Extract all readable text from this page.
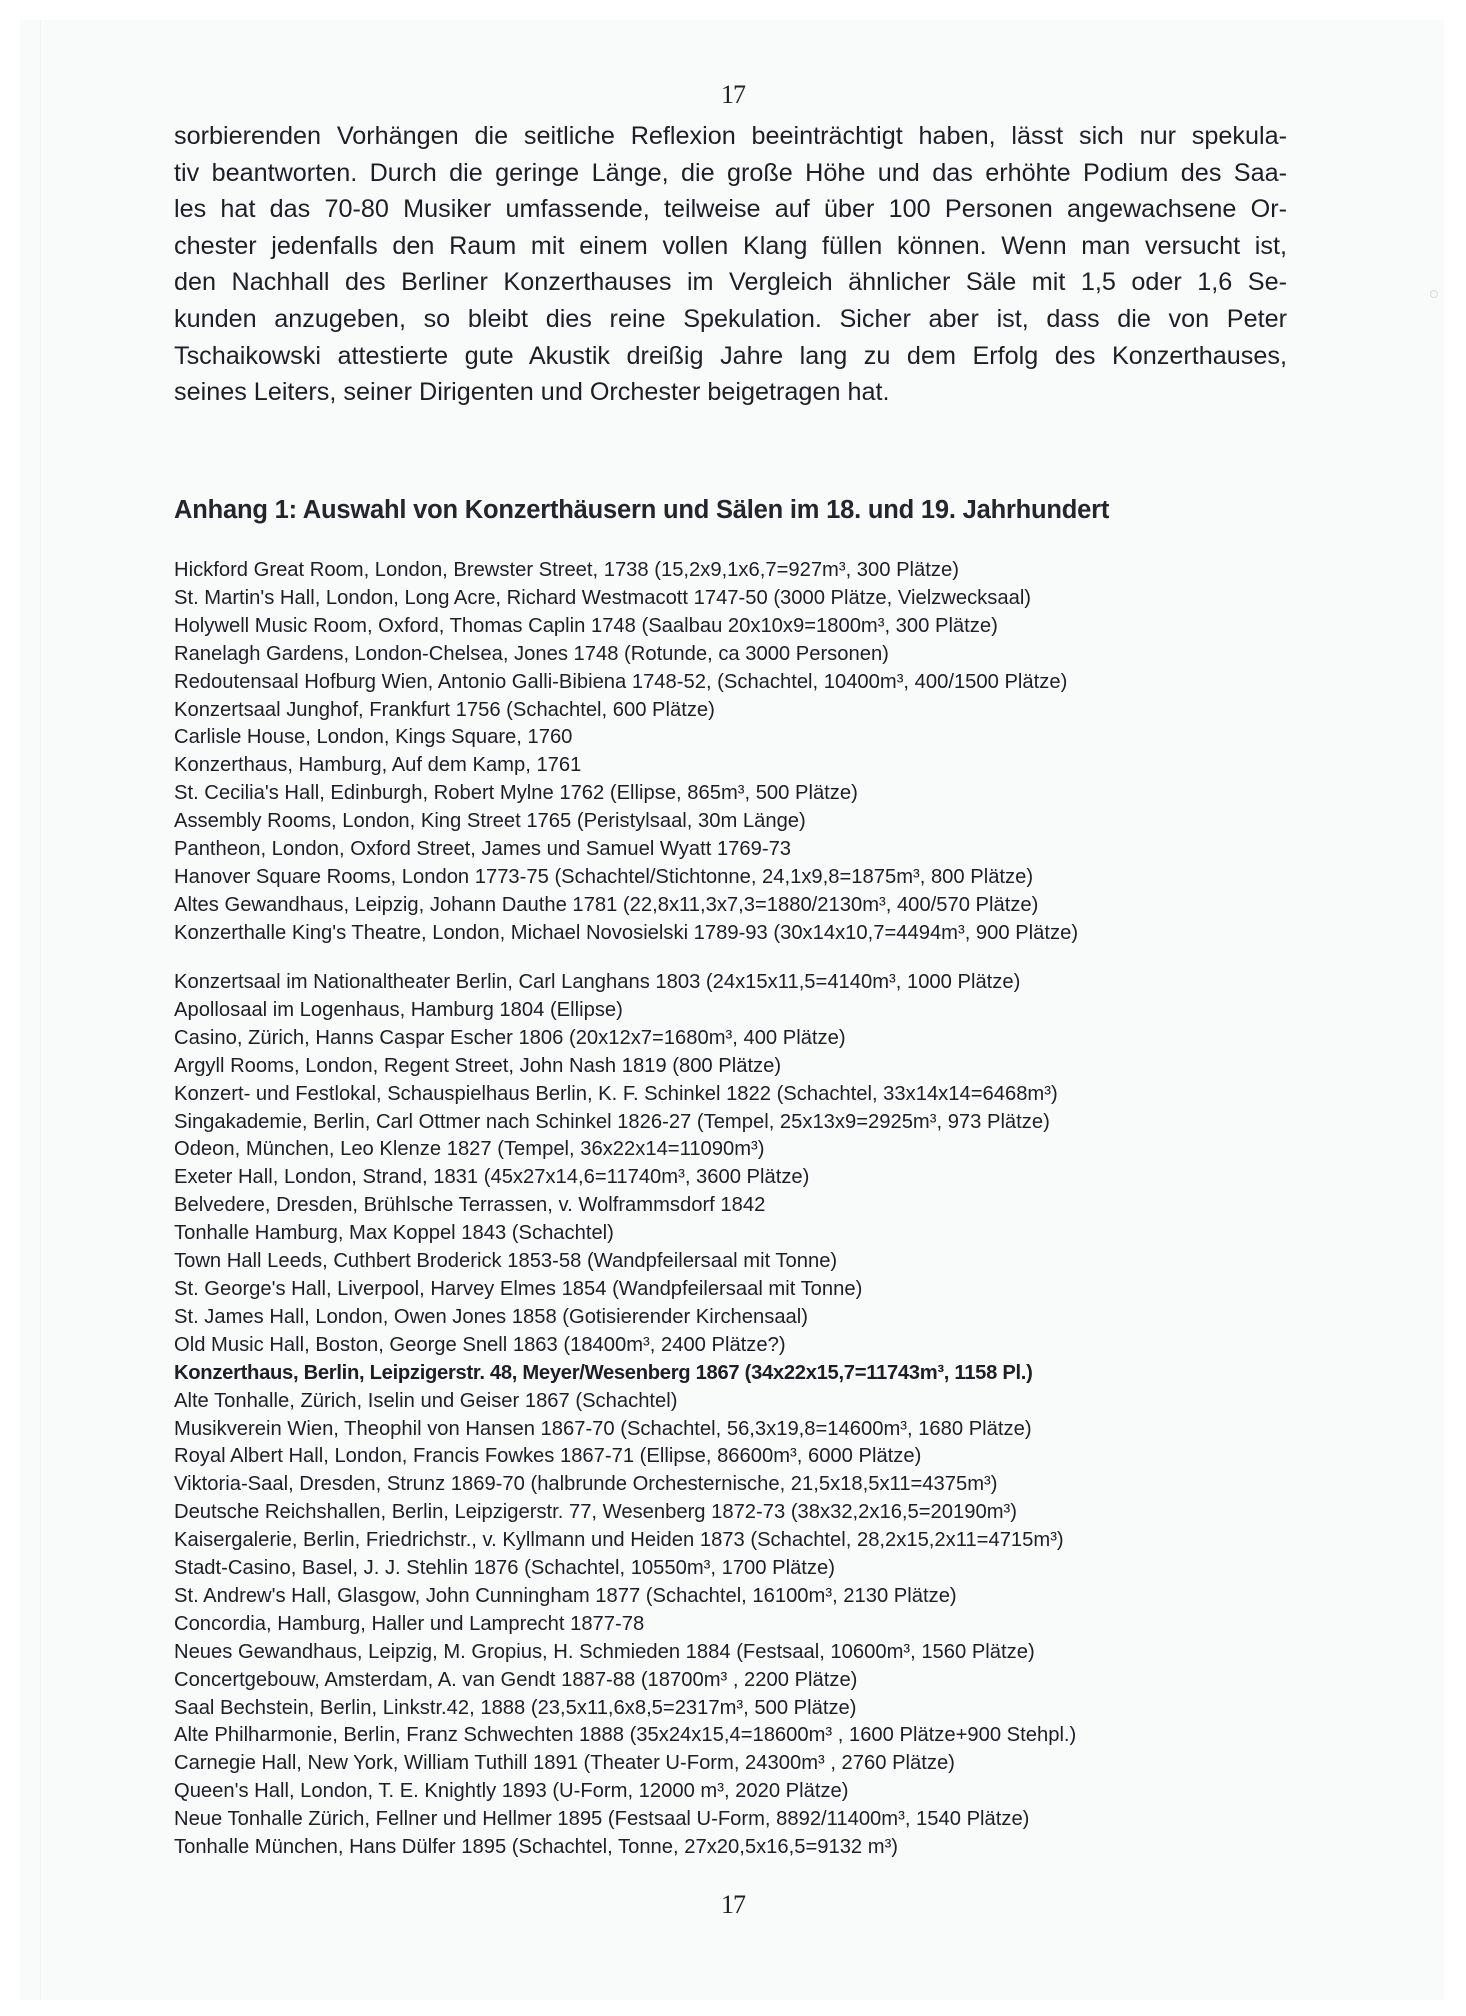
17
sorbierenden Vorhängen die seitliche Reflexion beeinträchtigt haben, lässt sich nur spekula-
tiv beantworten. Durch die geringe Länge, die große Höhe und das erhöhte Podium des Saa-
les hat das 70-80 Musiker umfassende, teilweise auf über 100 Personen angewachsene Or-
chester jedenfalls den Raum mit einem vollen Klang füllen können. Wenn man versucht ist,
den Nachhall des Berliner Konzerthauses im Vergleich ähnlicher Säle mit 1,5 oder 1,6 Se-
kunden anzugeben, so bleibt dies reine Spekulation. Sicher aber ist, dass die von Peter
Tschaikowski attestierte gute Akustik dreißig Jahre lang zu dem Erfolg des Konzerthauses,
seines Leiters, seiner Dirigenten und Orchester beigetragen hat.
Anhang 1: Auswahl von Konzerthäusern und Sälen im 18. und 19. Jahrhundert
Hickford Great Room, London, Brewster Street, 1738 (15,2x9,1x6,7=927m³, 300 Plätze)
St. Martin's Hall, London, Long Acre, Richard Westmacott 1747-50 (3000 Plätze, Vielzwecksaal)
Holywell Music Room, Oxford, Thomas Caplin 1748 (Saalbau 20x10x9=1800m³, 300 Plätze)
Ranelagh Gardens, London-Chelsea, Jones 1748 (Rotunde, ca 3000 Personen)
Redoutensaal Hofburg Wien, Antonio Galli-Bibiena 1748-52, (Schachtel, 10400m³, 400/1500 Plätze)
Konzertsaal Junghof, Frankfurt 1756 (Schachtel, 600 Plätze)
Carlisle House, London, Kings Square, 1760
Konzerthaus, Hamburg, Auf dem Kamp, 1761
St. Cecilia's Hall, Edinburgh, Robert Mylne 1762 (Ellipse, 865m³, 500 Plätze)
Assembly Rooms, London, King Street 1765 (Peristylsaal, 30m Länge)
Pantheon, London, Oxford Street, James und Samuel Wyatt 1769-73
Hanover Square Rooms, London 1773-75 (Schachtel/Stichtonne, 24,1x9,8=1875m³, 800 Plätze)
Altes Gewandhaus, Leipzig, Johann Dauthe 1781 (22,8x11,3x7,3=1880/2130m³, 400/570 Plätze)
Konzerthalle King's Theatre, London, Michael Novosielski 1789-93 (30x14x10,7=4494m³, 900 Plätze)
Konzertsaal im Nationaltheater Berlin, Carl Langhans 1803 (24x15x11,5=4140m³, 1000 Plätze)
Apollosaal im Logenhaus, Hamburg 1804 (Ellipse)
Casino, Zürich, Hanns Caspar Escher 1806 (20x12x7=1680m³, 400 Plätze)
Argyll Rooms, London, Regent Street, John Nash 1819 (800 Plätze)
Konzert- und Festlokal, Schauspielhaus Berlin, K. F. Schinkel 1822 (Schachtel, 33x14x14=6468m³)
Singakademie, Berlin, Carl Ottmer nach Schinkel 1826-27 (Tempel, 25x13x9=2925m³, 973 Plätze)
Odeon, München, Leo Klenze 1827 (Tempel, 36x22x14=11090m³)
Exeter Hall, London, Strand, 1831 (45x27x14,6=11740m³, 3600 Plätze)
Belvedere, Dresden, Brühlsche Terrassen, v. Wolframmsdorf 1842
Tonhalle Hamburg, Max Koppel 1843 (Schachtel)
Town Hall Leeds, Cuthbert Broderick 1853-58 (Wandpfeilersaal mit Tonne)
St. George's Hall, Liverpool, Harvey Elmes 1854 (Wandpfeilersaal mit Tonne)
St. James Hall, London, Owen Jones 1858 (Gotisierender Kirchensaal)
Old Music Hall, Boston, George Snell 1863 (18400m³, 2400 Plätze?)
Konzerthaus, Berlin, Leipzigerstr. 48, Meyer/Wesenberg 1867 (34x22x15,7=11743m³, 1158 Pl.)
Alte Tonhalle, Zürich, Iselin und Geiser 1867 (Schachtel)
Musikverein Wien, Theophil von Hansen 1867-70 (Schachtel, 56,3x19,8=14600m³, 1680 Plätze)
Royal Albert Hall, London, Francis Fowkes 1867-71 (Ellipse, 86600m³, 6000 Plätze)
Viktoria-Saal, Dresden, Strunz 1869-70 (halbrunde Orchesternische, 21,5x18,5x11=4375m³)
Deutsche Reichshallen, Berlin, Leipzigerstr. 77, Wesenberg 1872-73 (38x32,2x16,5=20190m³)
Kaisergalerie, Berlin, Friedrichstr., v. Kyllmann und Heiden 1873 (Schachtel, 28,2x15,2x11=4715m³)
Stadt-Casino, Basel, J. J. Stehlin 1876 (Schachtel, 10550m³, 1700 Plätze)
St. Andrew's Hall, Glasgow, John Cunningham 1877 (Schachtel, 16100m³, 2130 Plätze)
Concordia, Hamburg, Haller und Lamprecht 1877-78
Neues Gewandhaus, Leipzig, M. Gropius, H. Schmieden 1884 (Festsaal, 10600m³, 1560 Plätze)
Concertgebouw, Amsterdam, A. van Gendt 1887-88 (18700m³ , 2200 Plätze)
Saal Bechstein, Berlin, Linkstr.42, 1888 (23,5x11,6x8,5=2317m³, 500 Plätze)
Alte Philharmonie, Berlin, Franz Schwechten 1888 (35x24x15,4=18600m³ , 1600 Plätze+900 Stehpl.)
Carnegie Hall, New York, William Tuthill 1891 (Theater U-Form, 24300m³ , 2760 Plätze)
Queen's Hall, London, T. E. Knightly 1893 (U-Form, 12000 m³, 2020 Plätze)
Neue Tonhalle Zürich, Fellner und Hellmer 1895 (Festsaal U-Form, 8892/11400m³, 1540 Plätze)
Tonhalle München, Hans Dülfer 1895 (Schachtel, Tonne, 27x20,5x16,5=9132 m³)
17
